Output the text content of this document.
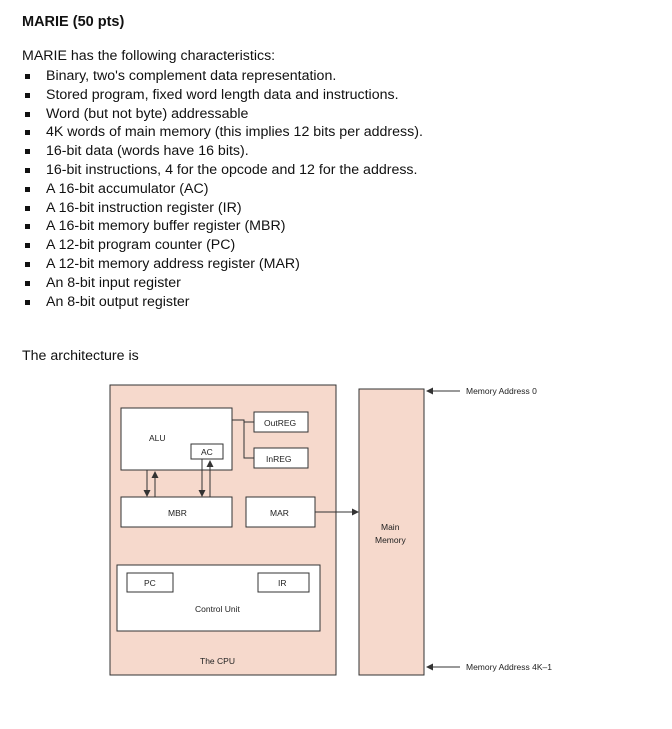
MARIE (50 pts)
MARIE has the following characteristics:
Binary, two's complement data representation.
Stored program, fixed word length data and instructions.
Word (but not byte) addressable
4K words of main memory (this implies 12 bits per address).
16-bit data (words have 16 bits).
16-bit instructions, 4 for the opcode and 12 for the address.
A 16-bit accumulator (AC)
A 16-bit instruction register (IR)
A 16-bit memory buffer register (MBR)
A 12-bit program counter (PC)
A 12-bit memory address register (MAR)
An 8-bit input register
An 8-bit output register
The architecture is
ALU
AC
OutREG
InREG
MBR	MAR
PC	IR
Control Unit
The CPU
Main
Memory
Memory Address 0
Memory Address 4K–1
